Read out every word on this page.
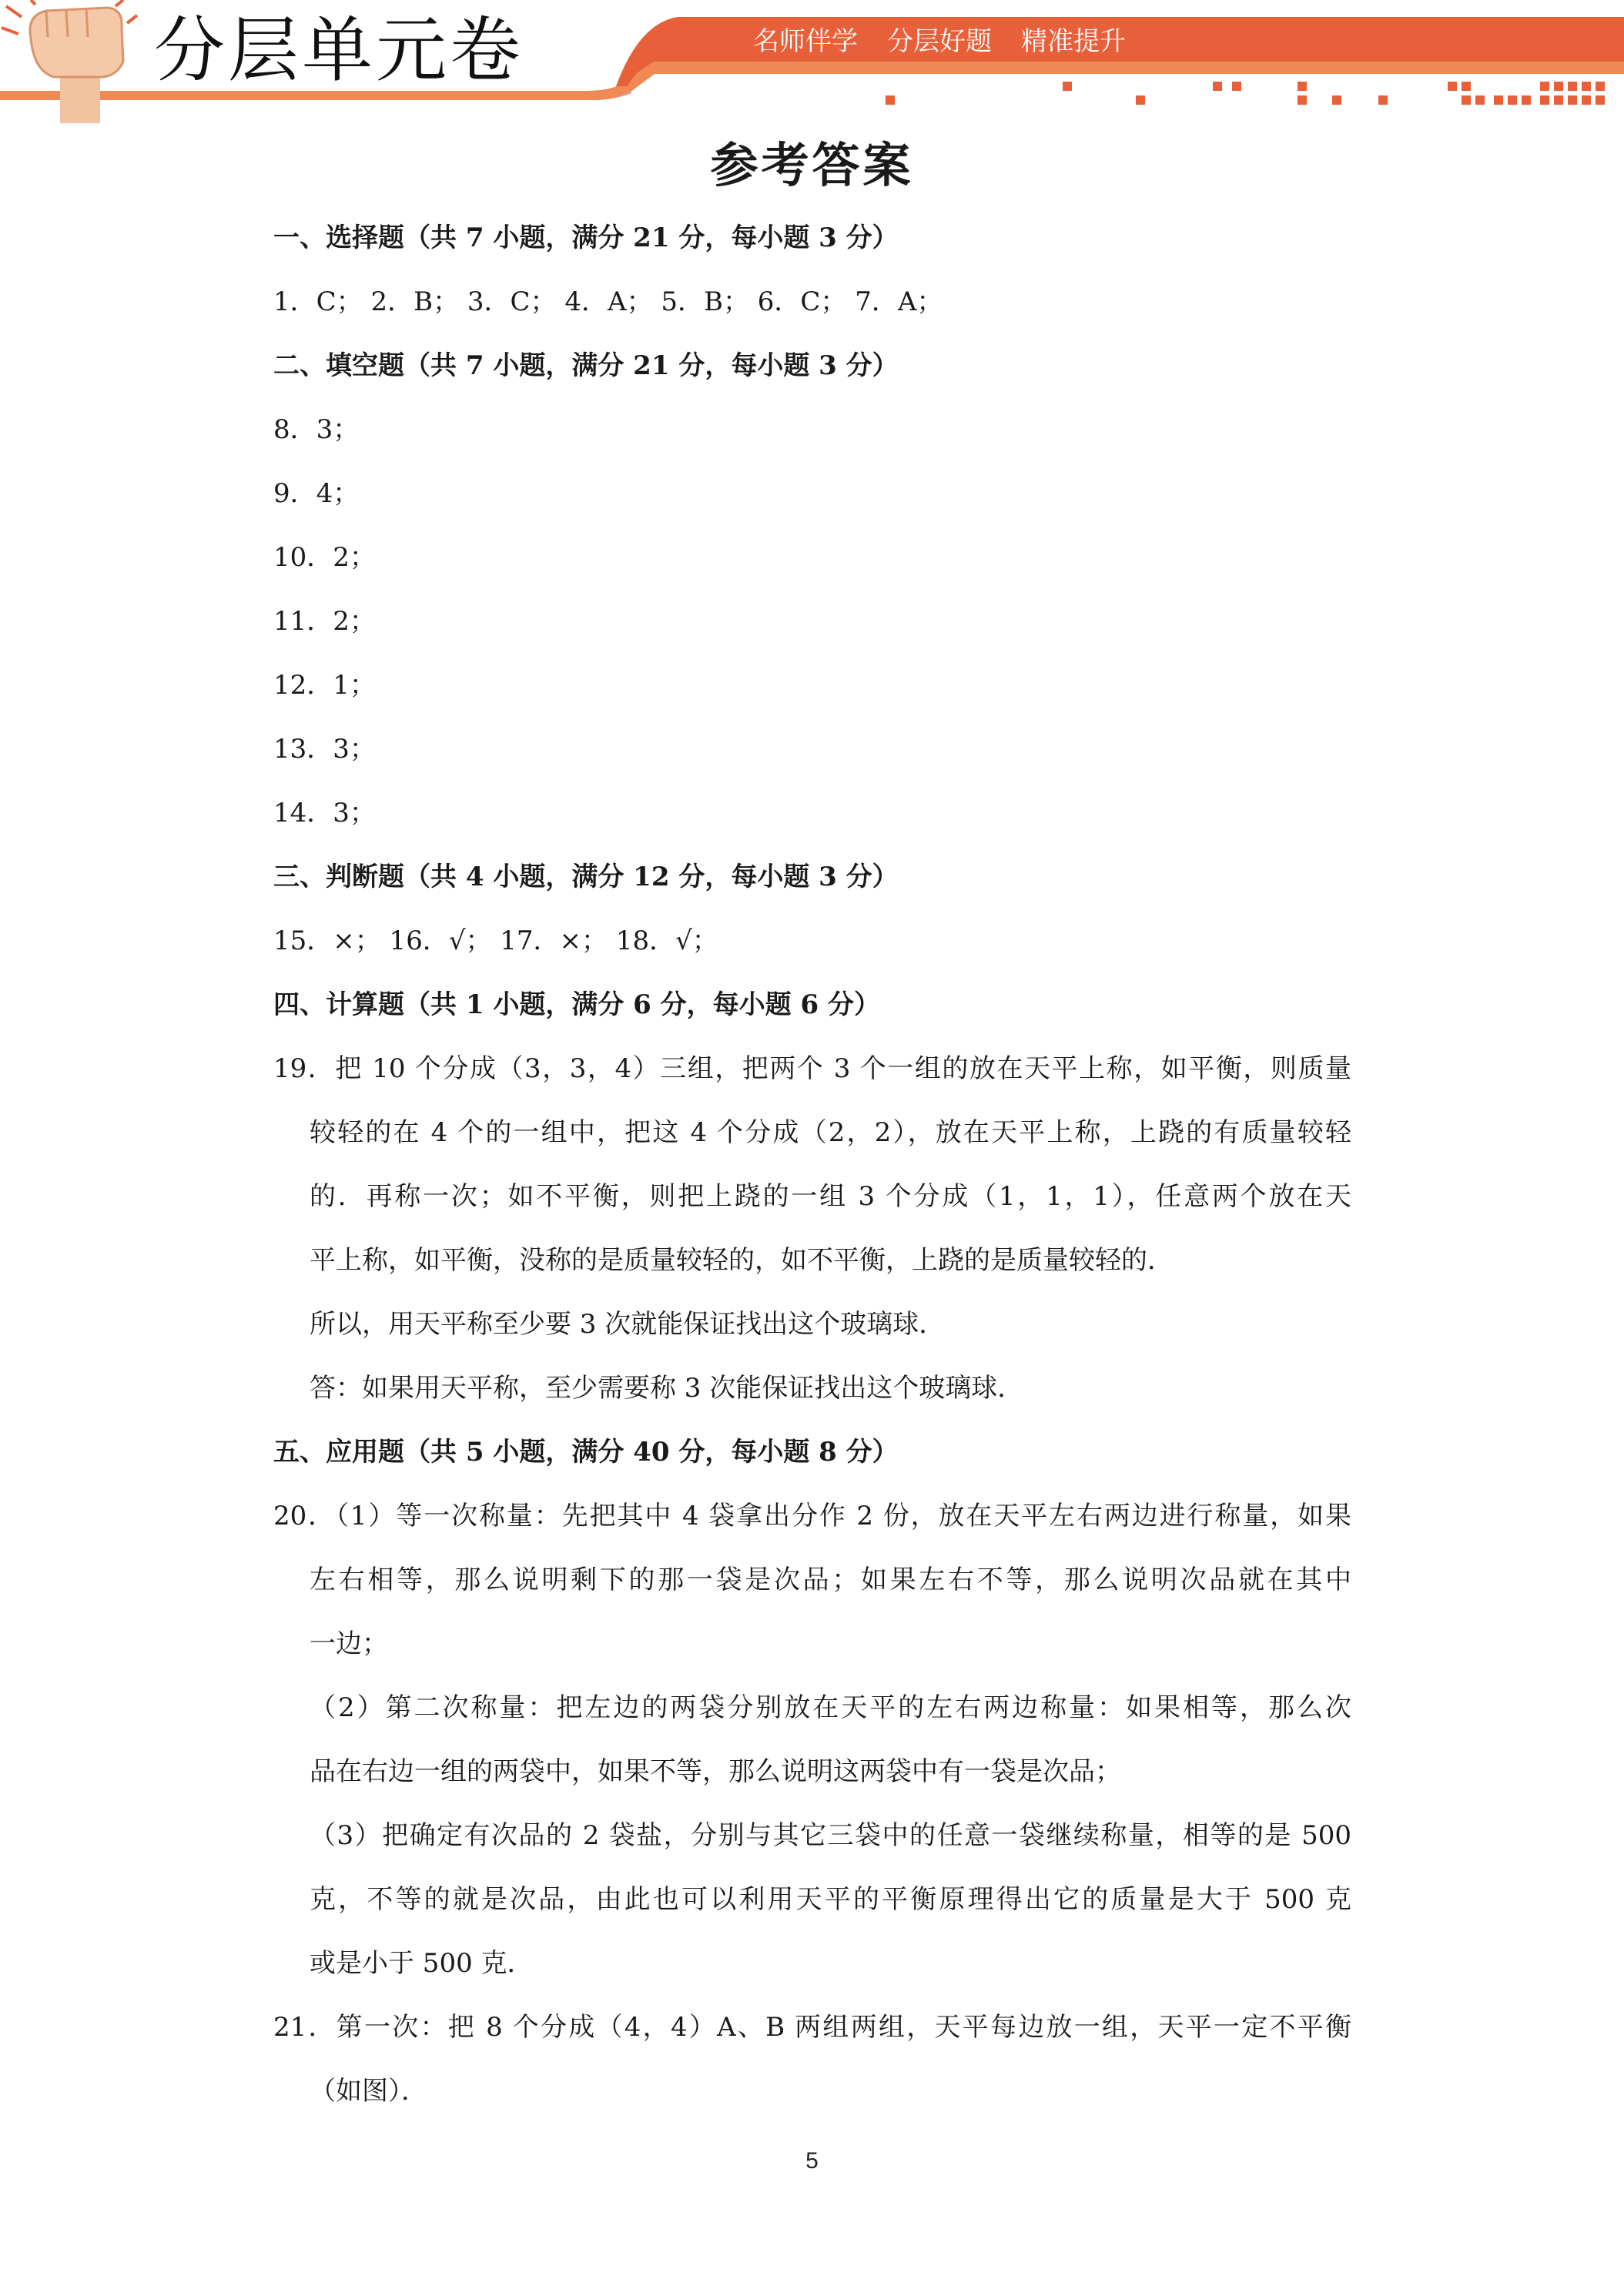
分层单元卷	名师伴学 分层好题 精准提升
参考答案
一、选择题（共 7 小题，满分 21 分，每小题 3 分）
1．C； 2．B； 3．C； 4．A； 5．B； 6．C； 7．A；
二、填空题（共 7 小题，满分 21 分，每小题 3 分）
8．3；
9．4；
10．2；
11．2；
12．1；
13．3；
14．3；
三、判断题（共 4 小题，满分 12 分，每小题 3 分）
15．×； 16．√； 17．×； 18．√；
四、计算题（共 1 小题，满分 6 分，每小题 6 分）
19．把 10 个分成（3，3，4）三组，把两个 3 个一组的放在天平上称，如平衡，则质量
较轻的在 4 个的一组中，把这 4 个分成（2，2），放在天平上称，上跷的有质量较轻
的．再称一次；如不平衡，则把上跷的一组 3 个分成（1，1，1），任意两个放在天
平上称，如平衡，没称的是质量较轻的，如不平衡，上跷的是质量较轻的．
所以，用天平称至少要 3 次就能保证找出这个玻璃球．
答：如果用天平称，至少需要称 3 次能保证找出这个玻璃球．
五、应用题（共 5 小题，满分 40 分，每小题 8 分）
20．（1）等一次称量：先把其中 4 袋拿出分作 2 份，放在天平左右两边进行称量，如果
左右相等，那么说明剩下的那一袋是次品；如果左右不等，那么说明次品就在其中
一边；
（2）第二次称量：把左边的两袋分别放在天平的左右两边称量：如果相等，那么次
品在右边一组的两袋中，如果不等，那么说明这两袋中有一袋是次品；
（3）把确定有次品的 2 袋盐，分别与其它三袋中的任意一袋继续称量，相等的是 500
克，不等的就是次品，由此也可以利用天平的平衡原理得出它的质量是大于 500 克
或是小于 500 克．
21．第一次：把 8 个分成（4，4）A、B 两组两组，天平每边放一组，天平一定不平衡
（如图）．
5
